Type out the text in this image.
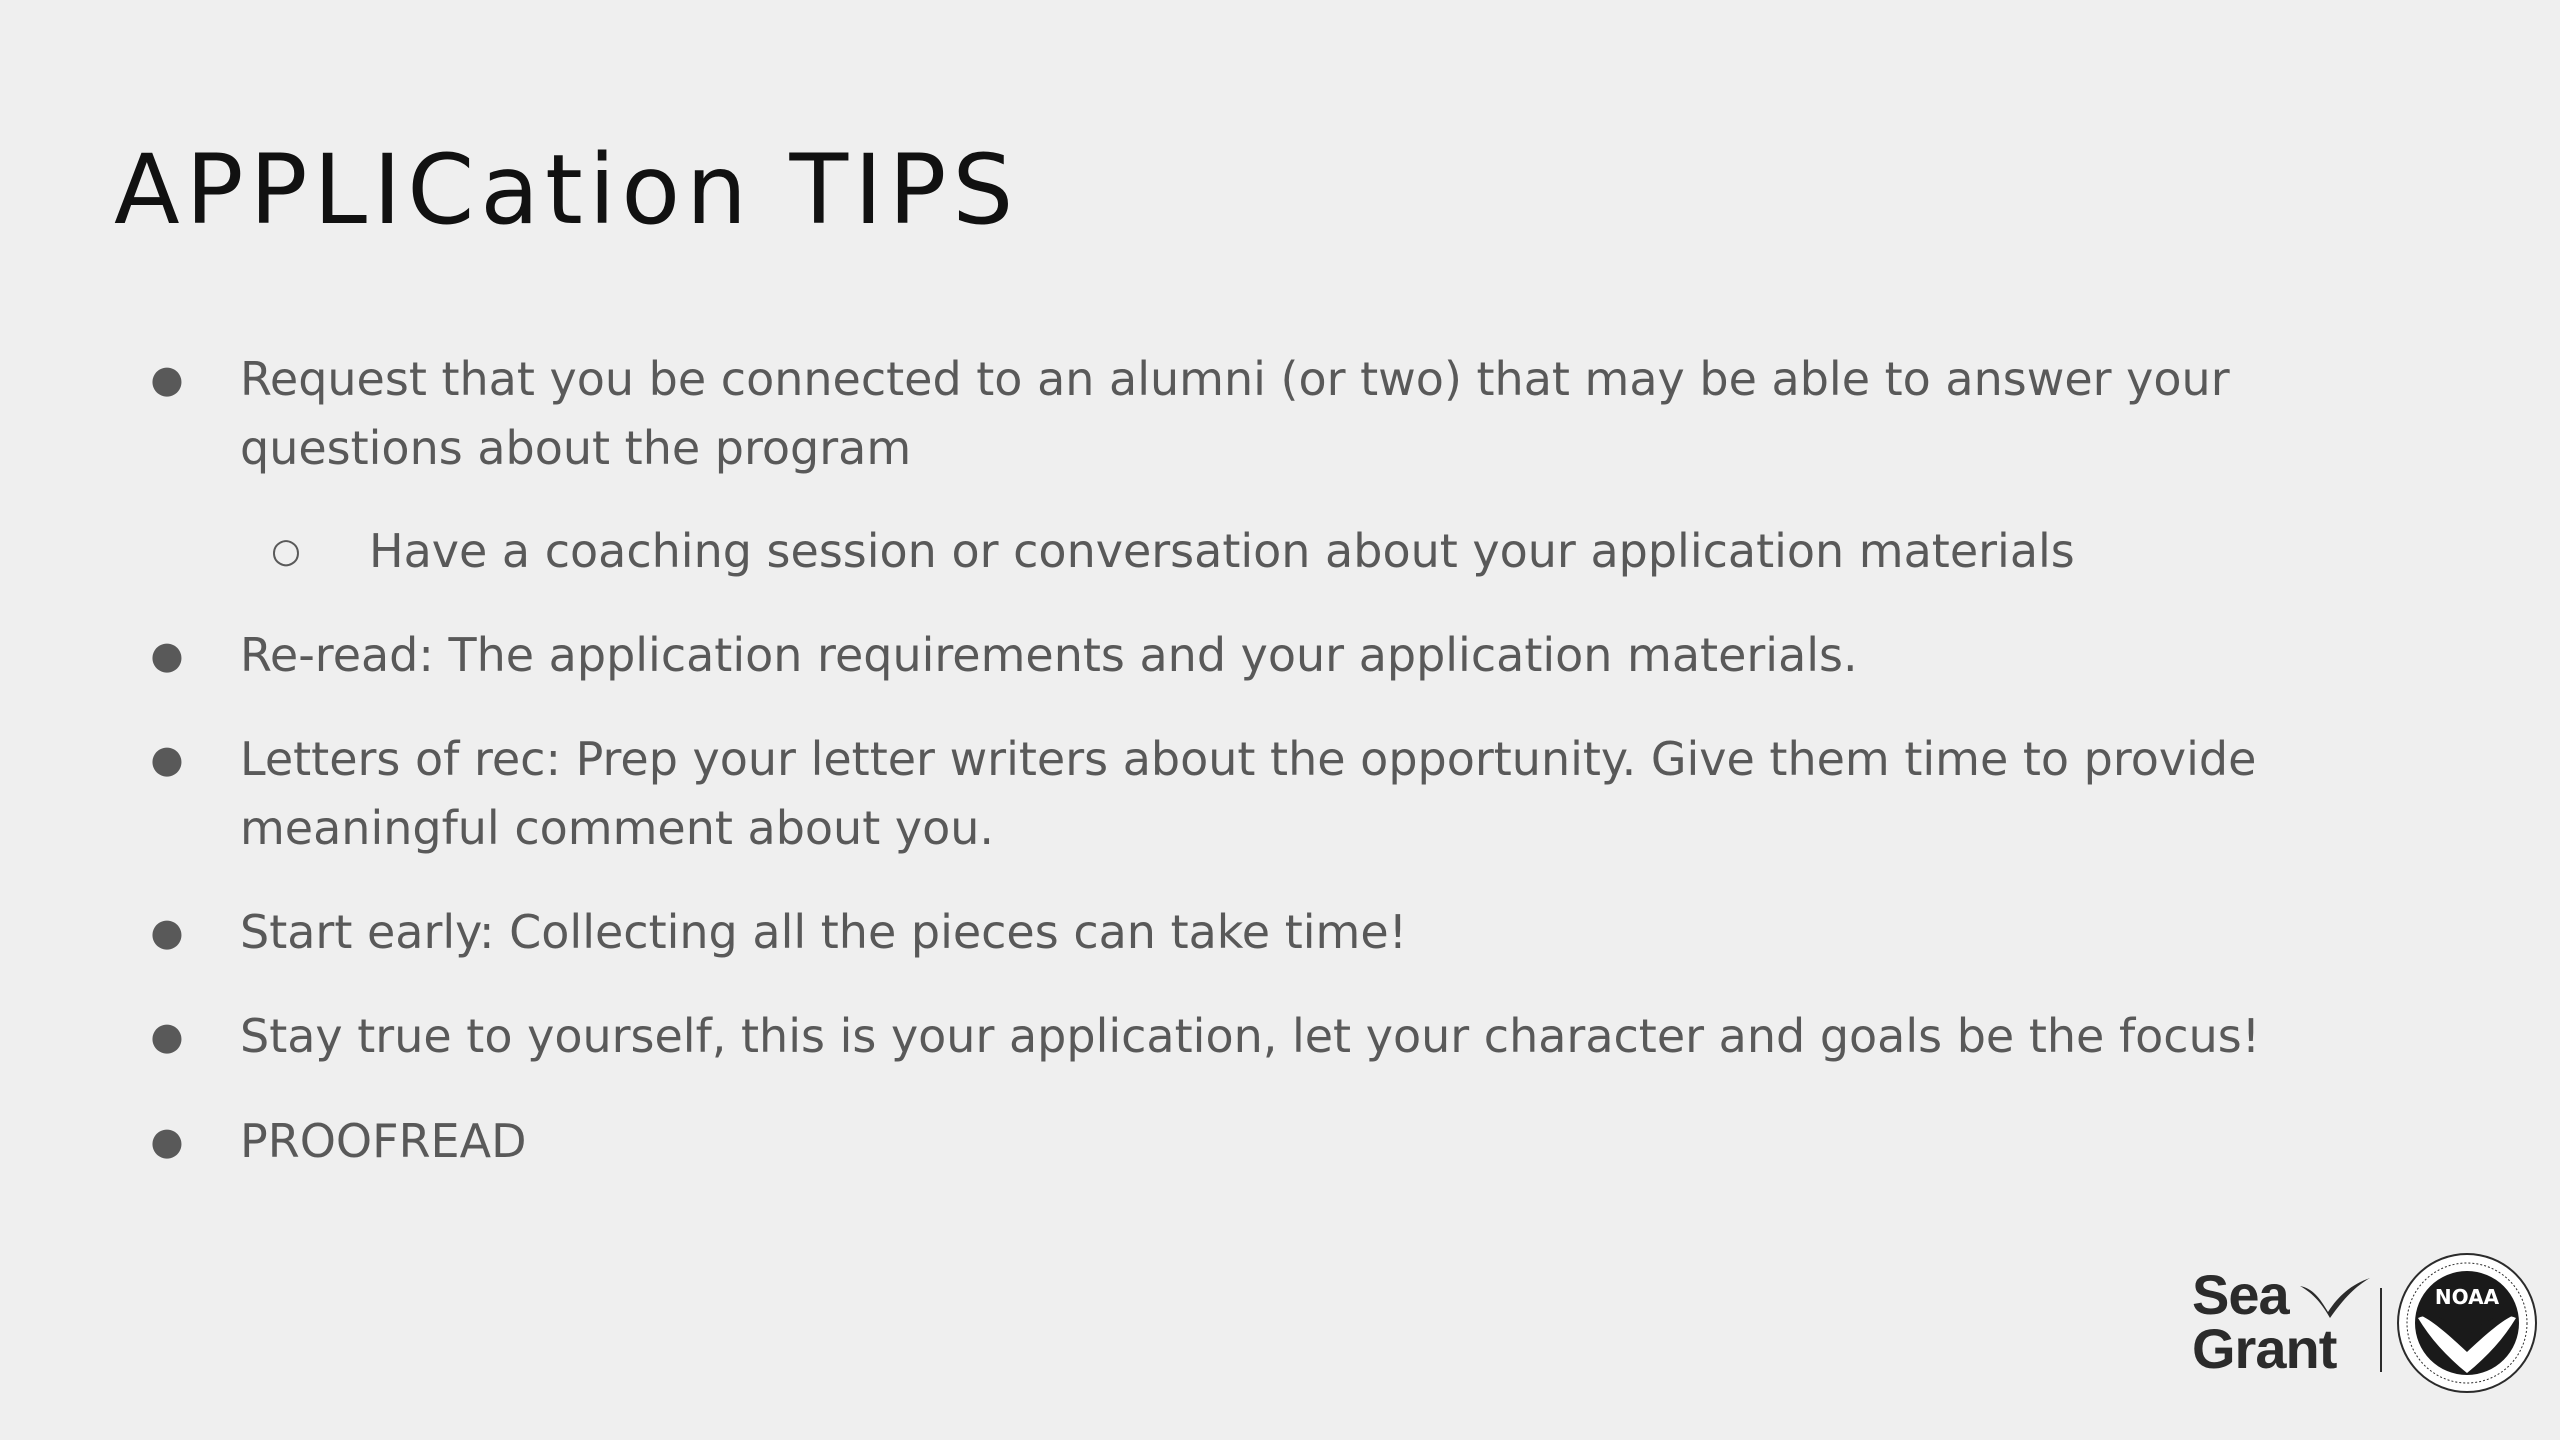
APPLICation TIPS
● Request that you be connected to an alumni (or two) that may be able to answer your questions about the program
○ Have a coaching session or conversation about your application materials
● Re-read: The application requirements and your application materials.
● Letters of rec: Prep your letter writers about the opportunity. Give them time to provide meaningful comment about you.
● Start early: Collecting all the pieces can take time!
● Stay true to yourself, this is your application, let your character and goals be the focus!
● PROOFREAD
Sea
Grant
NOAA
